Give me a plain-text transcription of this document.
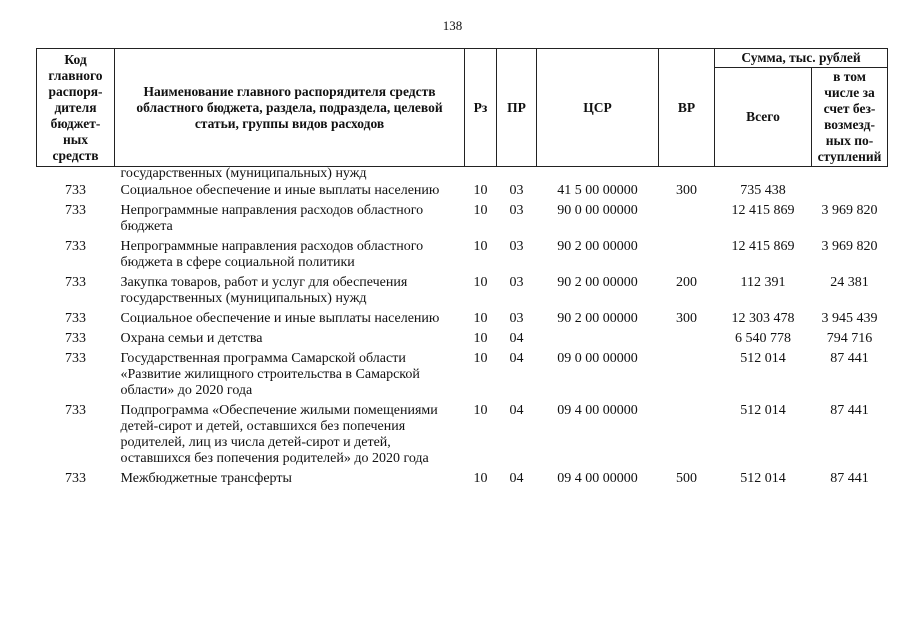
138
Код главного распоря-дителя бюджет-ных средств	Наименование главного распорядителя средств областного бюджета, раздела, подраздела, целевой статьи, группы видов расходов	Рз	ПР	ЦСР	ВР	Сумма, тыс. рублей	
						Всего	в том числе за счет без-возмезд-ных по-ступлений
	государственных (муниципальных) нужд						
733	Социальное обеспечение и иные выплаты населению	10	03	41 5 00 00000	300	735 438	
733	Непрограммные направления расходов областного бюджета	10	03	90 0 00 00000		12 415 869	3 969 820
733	Непрограммные направления расходов областного бюджета в сфере социальной политики	10	03	90 2 00 00000		12 415 869	3 969 820
733	Закупка товаров, работ и услуг для обеспечения государственных (муниципальных) нужд	10	03	90 2 00 00000	200	112 391	24 381
733	Социальное обеспечение и иные выплаты населению	10	03	90 2 00 00000	300	12 303 478	3 945 439
733	Охрана семьи и детства	10	04			6 540 778	794 716
733	Государственная программа Самарской области «Развитие жилищного строительства в Самарской области» до 2020 года	10	04	09 0 00 00000		512 014	87 441
733	Подпрограмма «Обеспечение жилыми помещениями детей-сирот и детей, оставшихся без попечения родителей, лиц из числа детей-сирот и детей, оставшихся без попечения родителей» до 2020 года	10	04	09 4 00 00000		512 014	87 441
733	Межбюджетные трансферты	10	04	09 4 00 00000	500	512 014	87 441
